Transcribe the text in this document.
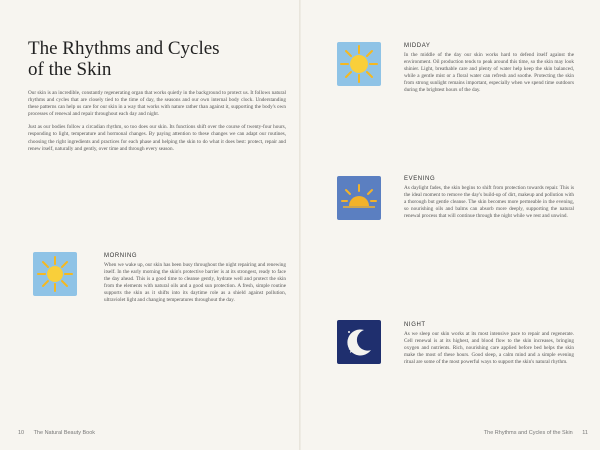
The Rhythms and Cycles
of the Skin

Our skin is an incredible, constantly regenerating organ that works quietly in the background to protect us. It follows natural rhythms and cycles that are closely tied to the time of day, the seasons and our own internal body clock. Understanding these patterns can help us care for our skin in a way that works with nature rather than against it, supporting the body's own processes of renewal and repair throughout each day and night.

Just as our bodies follow a circadian rhythm, so too does our skin. Its functions shift over the course of twenty-four hours, responding to light, temperature and hormonal changes. By paying attention to these changes we can adapt our routines, choosing the right ingredients and practices for each phase and helping the skin to do what it does best: protect, repair and renew itself, naturally and gently, over time and through every season.

MORNING

When we wake up, our skin has been busy throughout the night repairing and renewing itself. In the early morning the skin's protective barrier is at its strongest, ready to face the day ahead. This is a good time to cleanse gently, hydrate well and protect the skin from the elements with natural oils and a good sun protection. A fresh, simple routine supports the skin as it shifts into its daytime role as a shield against pollution, ultraviolet light and changing temperatures throughout the day.

MIDDAY

In the middle of the day our skin works hard to defend itself against the environment. Oil production tends to peak around this time, so the skin may look shinier. Light, breathable care and plenty of water help keep the skin balanced, while a gentle mist or a floral water can refresh and soothe. Protecting the skin from strong sunlight remains important, especially when we spend time outdoors during the brightest hours of the day.

EVENING

As daylight fades, the skin begins to shift from protection towards repair. This is the ideal moment to remove the day's build-up of dirt, makeup and pollution with a thorough but gentle cleanse. The skin becomes more permeable in the evening, so nourishing oils and balms can absorb more deeply, supporting the natural renewal process that will continue through the night while we rest and unwind.

NIGHT

As we sleep our skin works at its most intensive pace to repair and regenerate. Cell renewal is at its highest, and blood flow to the skin increases, bringing oxygen and nutrients. Rich, nourishing care applied before bed helps the skin make the most of these hours. Good sleep, a calm mind and a simple evening ritual are some of the most powerful ways to support the skin's natural rhythm.

10 The Natural Beauty Book	The Rhythms and Cycles of the Skin 11
